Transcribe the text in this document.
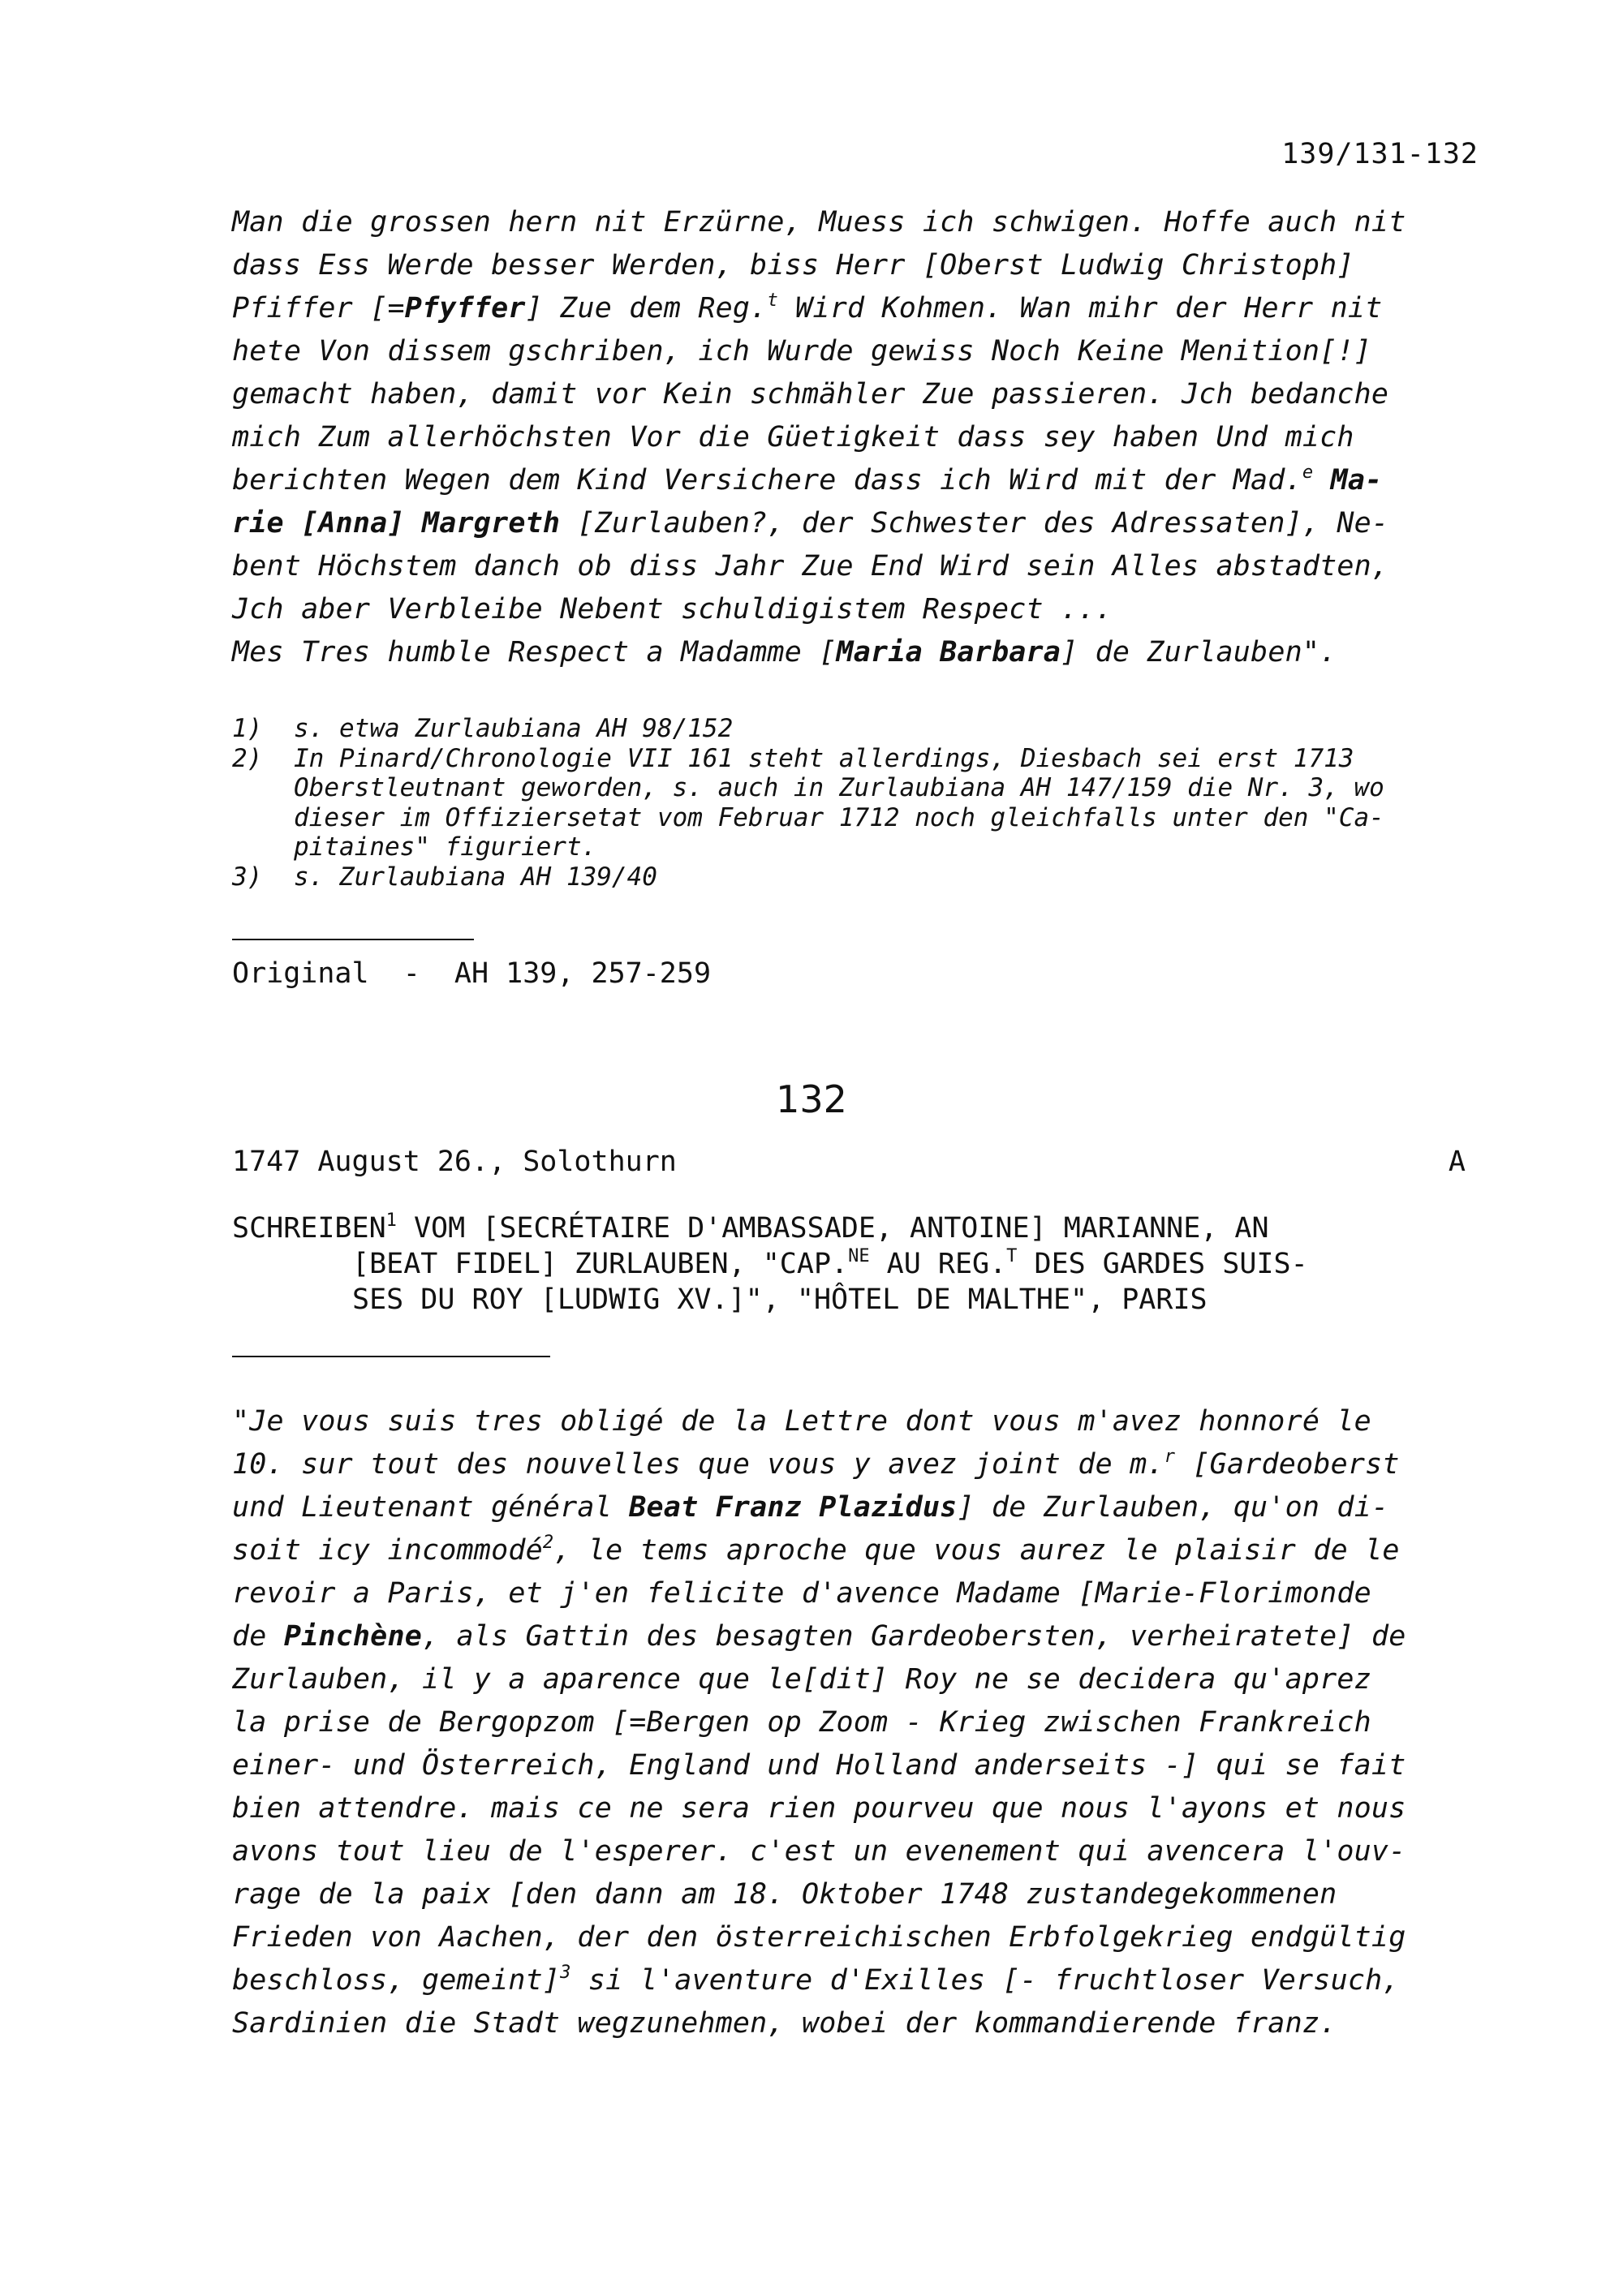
139/131-132
Man die grossen hern nit Erzürne, Muess ich schwigen. Hoffe auch nit
dass Ess Werde besser Werden, biss Herr [Oberst Ludwig Christoph]
Pfiffer [=Pfyffer] Zue dem Reg.$^t$ Wird Kohmen. Wan mihr der Herr nit
hete Von dissem gschriben, ich Wurde gewiss Noch Keine Menition[!]
gemacht haben, damit vor Kein schmähler Zue passieren. Jch bedanche
mich Zum allerhöchsten Vor die Güetigkeit dass sey haben Und mich
berichten Wegen dem Kind Versichere dass ich Wird mit der Mad.$^e$ Ma-
rie [Anna] Margreth [Zurlauben?, der Schwester des Adressaten], Ne-
bent Höchstem danch ob diss Jahr Zue End Wird sein Alles abstadten,
Jch aber Verbleibe Nebent schuldigistem Respect ...
Mes Tres humble Respect a Madamme [Maria Barbara] de Zurlauben".
1) s. etwa Zurlaubiana AH 98/152
2) In Pinard/Chronologie VII 161 steht allerdings, Diesbach sei erst 1713
Oberstleutnant geworden, s. auch in Zurlaubiana AH 147/159 die Nr. 3, wo
dieser im Offiziersetat vom Februar 1712 noch gleichfalls unter den "Ca-
pitaines" figuriert.
3) s. Zurlaubiana AH 139/40
Original  -  AH 139, 257-259
132
1747 August 26., Solothurn	A
SCHREIBEN$^1$ VOM [SECRÉTAIRE D'AMBASSADE, ANTOINE] MARIANNE, AN
[BEAT FIDEL] ZURLAUBEN, "CAP.$^{NE}$ AU REG.$^T$ DES GARDES SUIS-
SES DU ROY [LUDWIG XV.]", "HÔTEL DE MALTHE", PARIS
"Je vous suis tres obligé de la Lettre dont vous m'avez honnoré le
10. sur tout des nouvelles que vous y avez joint de m.$^r$ [Gardeoberst
und Lieutenant général Beat Franz Plazidus] de Zurlauben, qu'on di-
soit icy incommodé$^2$, le tems aproche que vous aurez le plaisir de le
revoir a Paris, et j'en felicite d'avence Madame [Marie-Florimonde
de Pinchène, als Gattin des besagten Gardeobersten, verheiratete] de
Zurlauben, il y a aparence que le[dit] Roy ne se decidera qu'aprez
la prise de Bergopzom [=Bergen op Zoom - Krieg zwischen Frankreich
einer- und Österreich, England und Holland anderseits -] qui se fait
bien attendre. mais ce ne sera rien pourveu que nous l'ayons et nous
avons tout lieu de l'esperer. c'est un evenement qui avencera l'ouv-
rage de la paix [den dann am 18. Oktober 1748 zustandegekommenen
Frieden von Aachen, der den österreichischen Erbfolgekrieg endgültig
beschloss, gemeint]$^3$ si l'aventure d'Exilles [- fruchtloser Versuch,
Sardinien die Stadt wegzunehmen, wobei der kommandierende franz.
